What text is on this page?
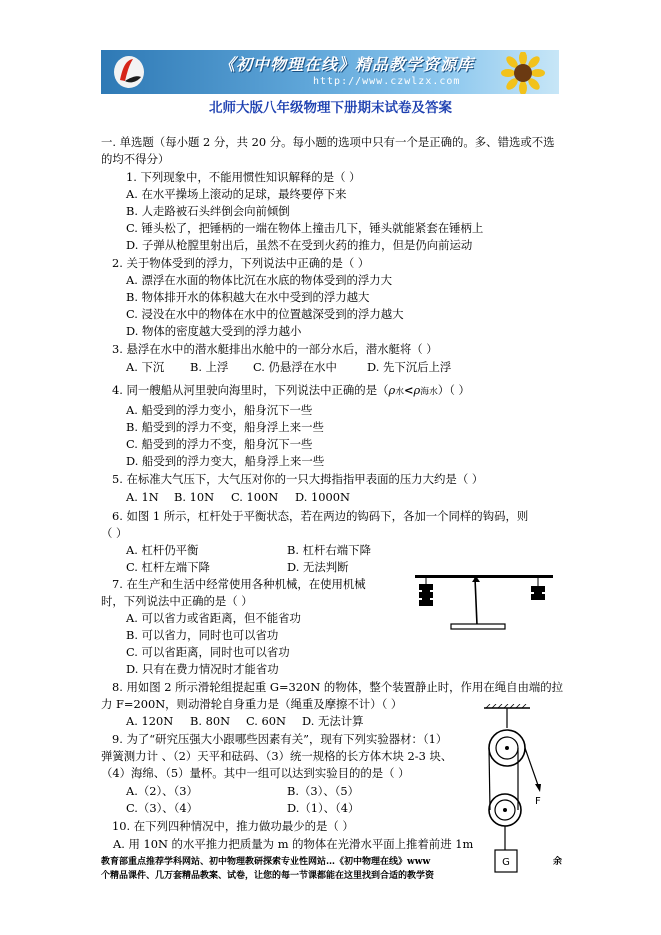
《初中物理在线》精品教学资源库
http://www.czwlzx.com
北师大版八年级物理下册期末试卷及答案
一. 单选题（每小题 2 分，共 20 分。每小题的选项中只有一个是正确的。多、错选或不选
的均不得分）
1. 下列现象中，不能用惯性知识解释的是（ ）
A. 在水平操场上滚动的足球，最终要停下来
B. 人走路被石头绊倒会向前倾倒
C. 锤头松了，把锤柄的一端在物体上撞击几下，锤头就能紧套在锤柄上
D. 子弹从枪膛里射出后，虽然不在受到火药的推力，但是仍向前运动
2. 关于物体受到的浮力，下列说法中正确的是（ ）
A. 漂浮在水面的物体比沉在水底的物体受到的浮力大
B. 物体排开水的体积越大在水中受到的浮力越大
C. 浸没在水中的物体在水中的位置越深受到的浮力越大
D. 物体的密度越大受到的浮力越小
3. 悬浮在水中的潜水艇排出水舱中的一部分水后，潜水艇将（ ）
A. 下沉 B. 上浮 C. 仍悬浮在水中	D. 先下沉后上浮
4. 同一艘船从河里驶向海里时，下列说法中正确的是（ρ水<ρ海水）（ ）
A. 船受到的浮力变小，船身沉下一些
B. 船受到的浮力不变，船身浮上来一些
C. 船受到的浮力不变，船身沉下一些
D. 船受到的浮力变大，船身浮上来一些
5. 在标准大气压下，大气压对你的一只大拇指指甲表面的压力大约是（ ）
A. 1N B. 10N C. 100N D. 1000N
6. 如图 1 所示，杠杆处于平衡状态，若在两边的钩码下，各加一个同样的钩码，则
（ ）
A. 杠杆仍平衡	B. 杠杆右端下降
C. 杠杆左端下降	D. 无法判断
7. 在生产和生活中经常使用各种机械，在使用机械
时，下列说法中正确的是（ ）
A. 可以省力或省距离，但不能省功
B. 可以省力，同时也可以省功
C. 可以省距离，同时也可以省功
D. 只有在费力情况时才能省功
8. 用如图 2 所示滑轮组提起重 G=320N 的物体，整个装置静止时，作用在绳自由端的拉
力 F=200N，则动滑轮自身重力是（绳重及摩擦不计）（ ）
A. 120N B. 80N C. 60N D. 无法计算
9. 为了“研究压强大小跟哪些因素有关”，现有下列实验器材：（1）
弹簧测力计 、（2）天平和砝码、（3）统一规格的长方体木块 2-3 块、
（4）海绵、（5）量杯。其中一组可以达到实验目的的是（ ）
A.（2）、（3）	B.（3）、（5）
C.（3）、（4）	D.（1）、（4）
10. 在下列四种情况中，推力做功最少的是（ ）
A. 用 10N 的水平推力把质量为 m 的物体在光滑水平面上推着前进 1m
F
G
教育部重点推荐学科网站、初中物理教研探索专业性网站…《初中物理在线》www	余
个精品课件、几万套精品教案、试卷，让您的每一节课都能在这里找到合适的教学资
